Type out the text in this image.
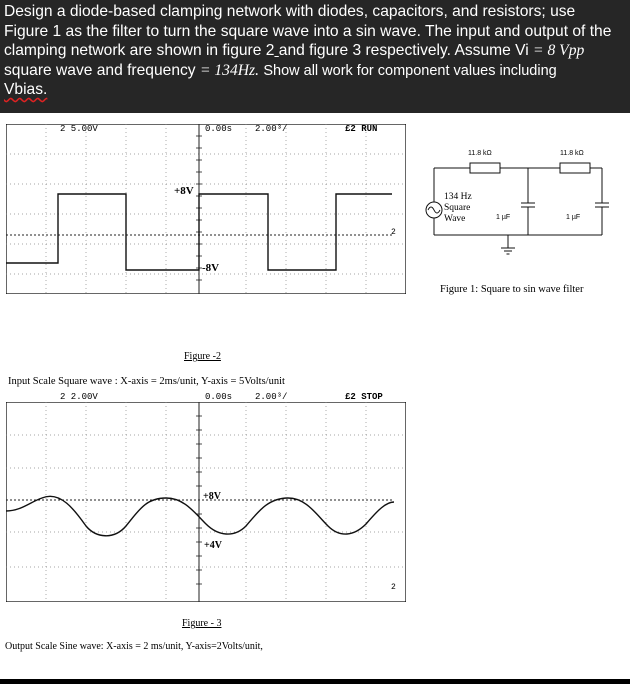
Design a diode-based clamping network with diodes, capacitors, and resistors; use
Figure 1 as the filter to turn the square wave into a sin wave. The input and output of the
clamping network are shown in figure 2 and figure 3 respectively. Assume Vi = 8 Vpp
square wave and frequency = 134Hz. Show all work for component values including
Vbias.
2 5.00V	0.00s	2.00³/	£2 RUN
+8V
-8V
2
Figure -2
Input Scale Square wave : X-axis = 2ms/unit, Y-axis = 5Volts/unit
2 2.00V	0.00s	2.00³/	£2 STOP
+8V
+4V
2
Figure - 3
Output Scale Sine wave: X-axis = 2 ms/unit, Y-axis=2Volts/unit,
11.8 kΩ	11.8 kΩ
134 Hz
Square
Wave	1 µF	1 µF
Figure 1: Square to sin wave filter
